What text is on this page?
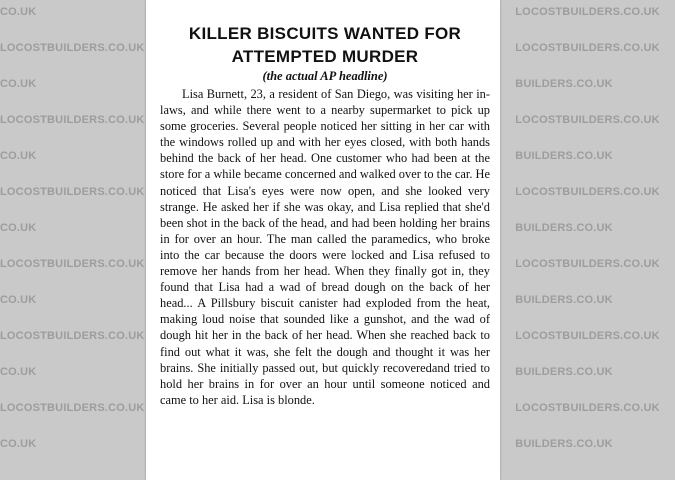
CO.UK	LOCOSTBUILDERS.CO.UK
LOCOSTBUILDERS.CO.UK	LOCOSTBUILDERS.CO.UK
CO.UK	BUILDERS.CO.UK
LOCOSTBUILDERS.CO.UK	LOCOSTBUILDERS.CO.UK
CO.UK	BUILDERS.CO.UK
LOCOSTBUILDERS.CO.UK	LOCOSTBUILDERS.CO.UK
CO.UK	BUILDERS.CO.UK
LOCOSTBUILDERS.CO.UK	LOCOSTBUILDERS.CO.UK
CO.UK	BUILDERS.CO.UK
LOCOSTBUILDERS.CO.UK	LOCOSTBUILDERS.CO.UK
CO.UK	BUILDERS.CO.UK
LOCOSTBUILDERS.CO.UK	LOCOSTBUILDERS.CO.UK
CO.UK	BUILDERS.CO.UK
KILLER BISCUITS WANTED FOR
ATTEMPTED MURDER
(the actual AP headline)
Lisa Burnett, 23, a resident of San Diego, was visiting her in-laws, and while there went to a nearby supermarket to pick up some groceries. Several people noticed her sitting in her car with the windows rolled up and with her eyes closed, with both hands behind the back of her head. One customer who had been at the store for a while became concerned and walked over to the car. He noticed that Lisa's eyes were now open, and she looked very strange. He asked her if she was okay, and Lisa replied that she'd been shot in the back of the head, and had been holding her brains in for over an hour. The man called the paramedics, who broke into the car because the doors were locked and Lisa refused to remove her hands from her head. When they finally got in, they found that Lisa had a wad of bread dough on the back of her head... A Pillsbury biscuit canister had exploded from the heat, making loud noise that sounded like a gunshot, and the wad of dough hit her in the back of her head. When she reached back to find out what it was, she felt the dough and thought it was her brains. She initially passed out, but quickly recoveredand tried to hold her brains in for over an hour until someone noticed and came to her aid. Lisa is blonde.
